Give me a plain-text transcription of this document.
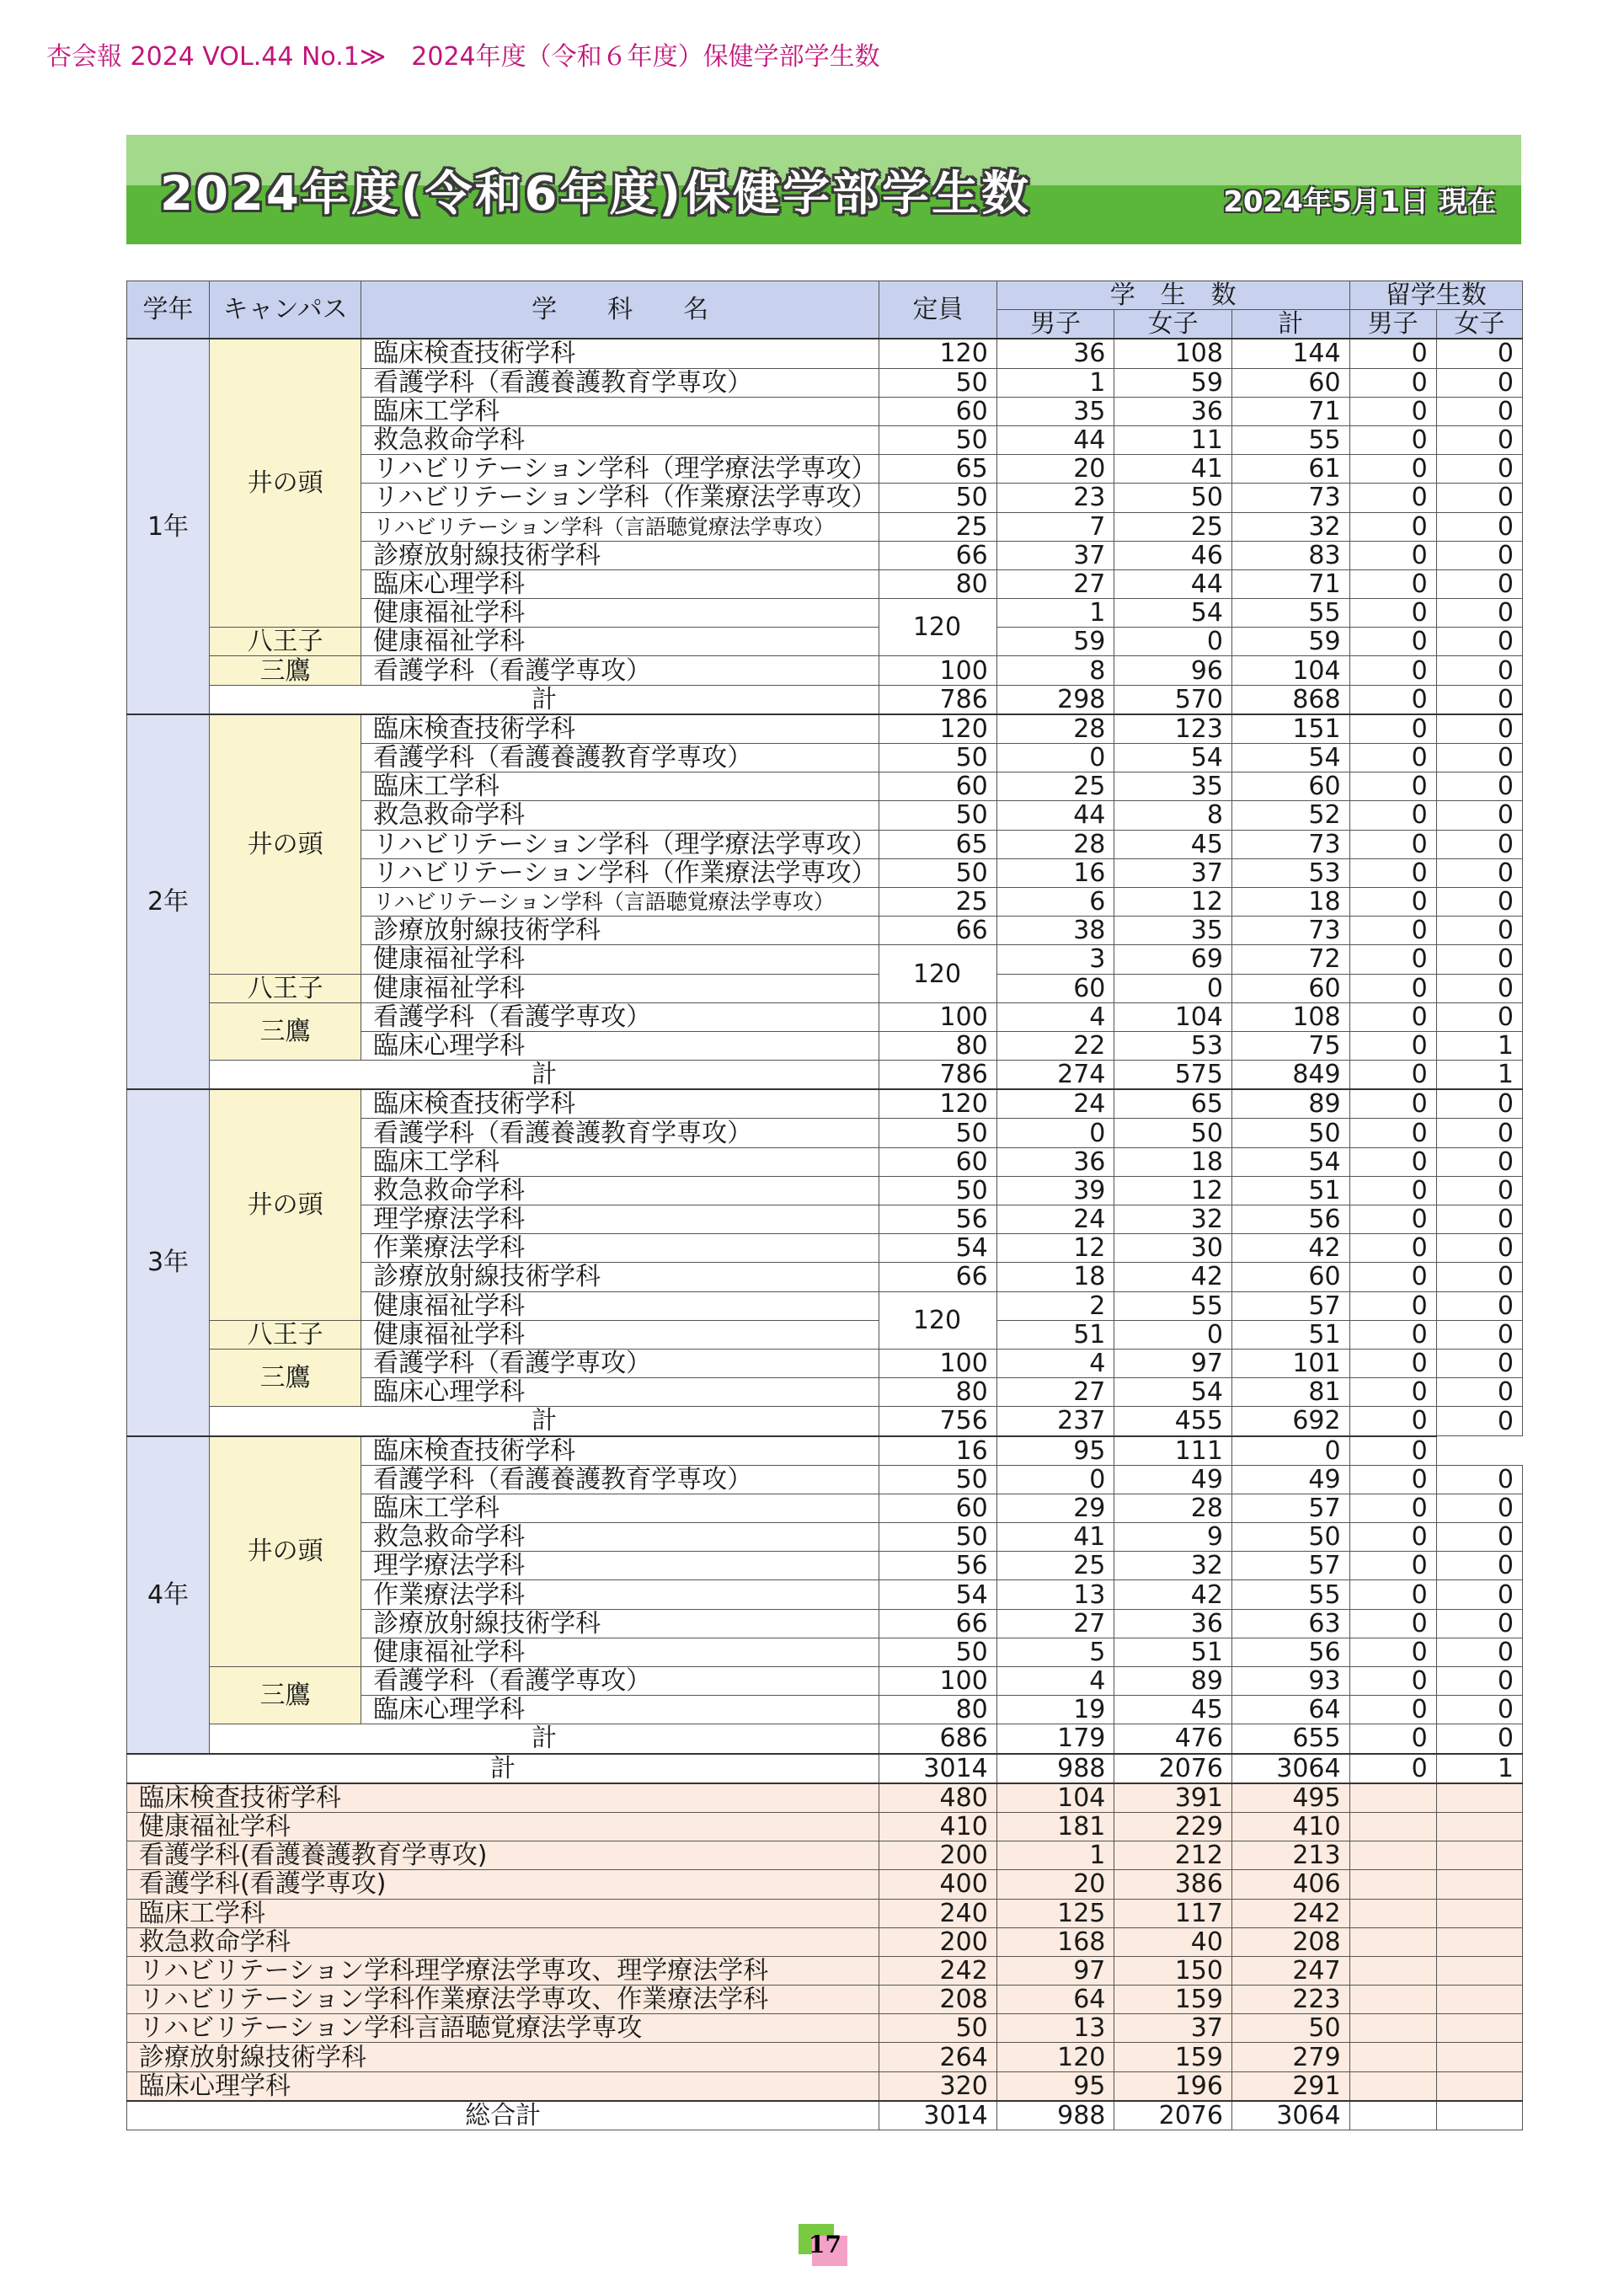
杏会報 2024 VOL.44 No.1≫　2024年度（令和６年度）保健学部学生数
2024年度(令和6年度)保健学部学生数	2024年5月1日 現在
学年	キャンパス	学　　科　　名	定員	学　生　数			留学生数	
				男子	女子	計	男子	女子
1年	井の頭	臨床検査技術学科	120	36	108	144	0	0
		看護学科（看護養護教育学専攻）	50	1	59	60	0	0
		臨床工学科	60	35	36	71	0	0
		救急救命学科	50	44	11	55	0	0
		リハビリテーション学科（理学療法学専攻）	65	20	41	61	0	0
		リハビリテーション学科（作業療法学専攻）	50	23	50	73	0	0
		リハビリテーション学科（言語聴覚療法学専攻）	25	7	25	32	0	0
		診療放射線技術学科	66	37	46	83	0	0
		臨床心理学科	80	27	44	71	0	0
		健康福祉学科	120	1	54	55	0	0
	八王子	健康福祉学科		59	0	59	0	0
	三鷹	看護学科（看護学専攻）	100	8	96	104	0	0
	計		786	298	570	868	0	0
2年	井の頭	臨床検査技術学科	120	28	123	151	0	0
		看護学科（看護養護教育学専攻）	50	0	54	54	0	0
		臨床工学科	60	25	35	60	0	0
		救急救命学科	50	44	8	52	0	0
		リハビリテーション学科（理学療法学専攻）	65	28	45	73	0	0
		リハビリテーション学科（作業療法学専攻）	50	16	37	53	0	0
		リハビリテーション学科（言語聴覚療法学専攻）	25	6	12	18	0	0
		診療放射線技術学科	66	38	35	73	0	0
		健康福祉学科	120	3	69	72	0	0
	八王子	健康福祉学科		60	0	60	0	0
	三鷹	看護学科（看護学専攻）	100	4	104	108	0	0
		臨床心理学科	80	22	53	75	0	1
	計		786	274	575	849	0	1
3年	井の頭	臨床検査技術学科	120	24	65	89	0	0
		看護学科（看護養護教育学専攻）	50	0	50	50	0	0
		臨床工学科	60	36	18	54	0	0
		救急救命学科	50	39	12	51	0	0
		理学療法学科	56	24	32	56	0	0
		作業療法学科	54	12	30	42	0	0
		診療放射線技術学科	66	18	42	60	0	0
		健康福祉学科	120	2	55	57	0	0
	八王子	健康福祉学科		51	0	51	0	0
	三鷹	看護学科（看護学専攻）	100	4	97	101	0	0
		臨床心理学科	80	27	54	81	0	0
	計		756	237	455	692	0	0
4年	井の頭	臨床検査技術学科	16	95	111	0	0	
		看護学科（看護養護教育学専攻）	50	0	49	49	0	0
		臨床工学科	60	29	28	57	0	0
		救急救命学科	50	41	9	50	0	0
		理学療法学科	56	25	32	57	0	0
		作業療法学科	54	13	42	55	0	0
		診療放射線技術学科	66	27	36	63	0	0
		健康福祉学科	50	5	51	56	0	0
	三鷹	看護学科（看護学専攻）	100	4	89	93	0	0
		臨床心理学科	80	19	45	64	0	0
	計		686	179	476	655	0	0
計			3014	988	2076	3064	0	1
臨床検査技術学科			480	104	391	495		
健康福祉学科			410	181	229	410		
看護学科(看護養護教育学専攻)			200	1	212	213		
看護学科(看護学専攻)			400	20	386	406		
臨床工学科			240	125	117	242		
救急救命学科			200	168	40	208		
リハビリテーション学科理学療法学専攻、理学療法学科			242	97	150	247		
リハビリテーション学科作業療法学専攻、作業療法学科			208	64	159	223		
リハビリテーション学科言語聴覚療法学専攻			50	13	37	50		
診療放射線技術学科			264	120	159	279		
臨床心理学科			320	95	196	291		
総合計			3014	988	2076	3064		
17
